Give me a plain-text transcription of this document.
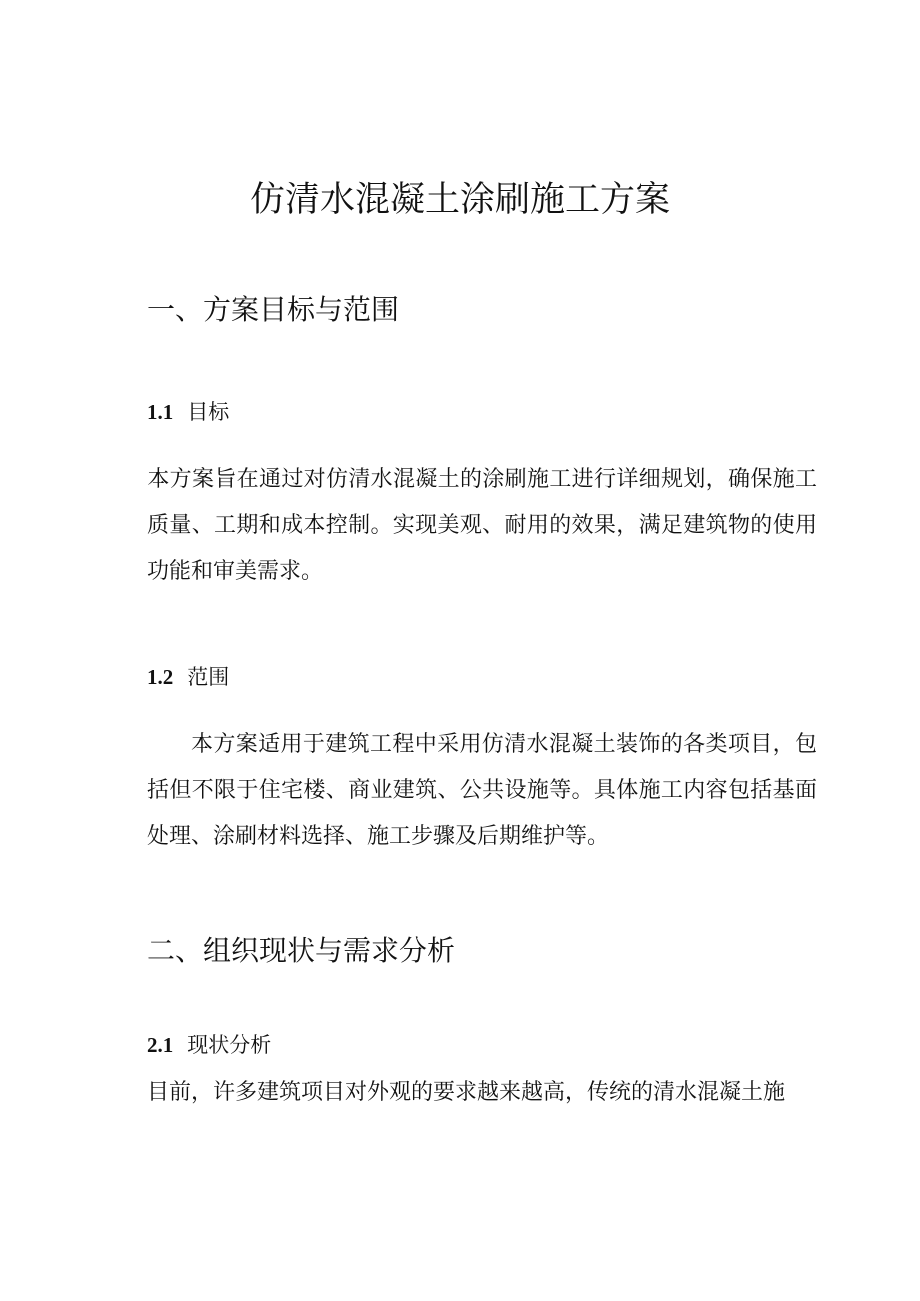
仿清水混凝土涂刷施工方案
一、方案目标与范围
1.1 目标
本方案旨在通过对仿清水混凝土的涂刷施工进行详细规划，确保施工质量、工期和成本控制。实现美观、耐用的效果，满足建筑物的使用功能和审美需求。
1.2 范围
本方案适用于建筑工程中采用仿清水混凝土装饰的各类项目，包括但不限于住宅楼、商业建筑、公共设施等。具体施工内容包括基面处理、涂刷材料选择、施工步骤及后期维护等。
二、组织现状与需求分析
2.1 现状分析
目前，许多建筑项目对外观的要求越来越高，传统的清水混凝土施
